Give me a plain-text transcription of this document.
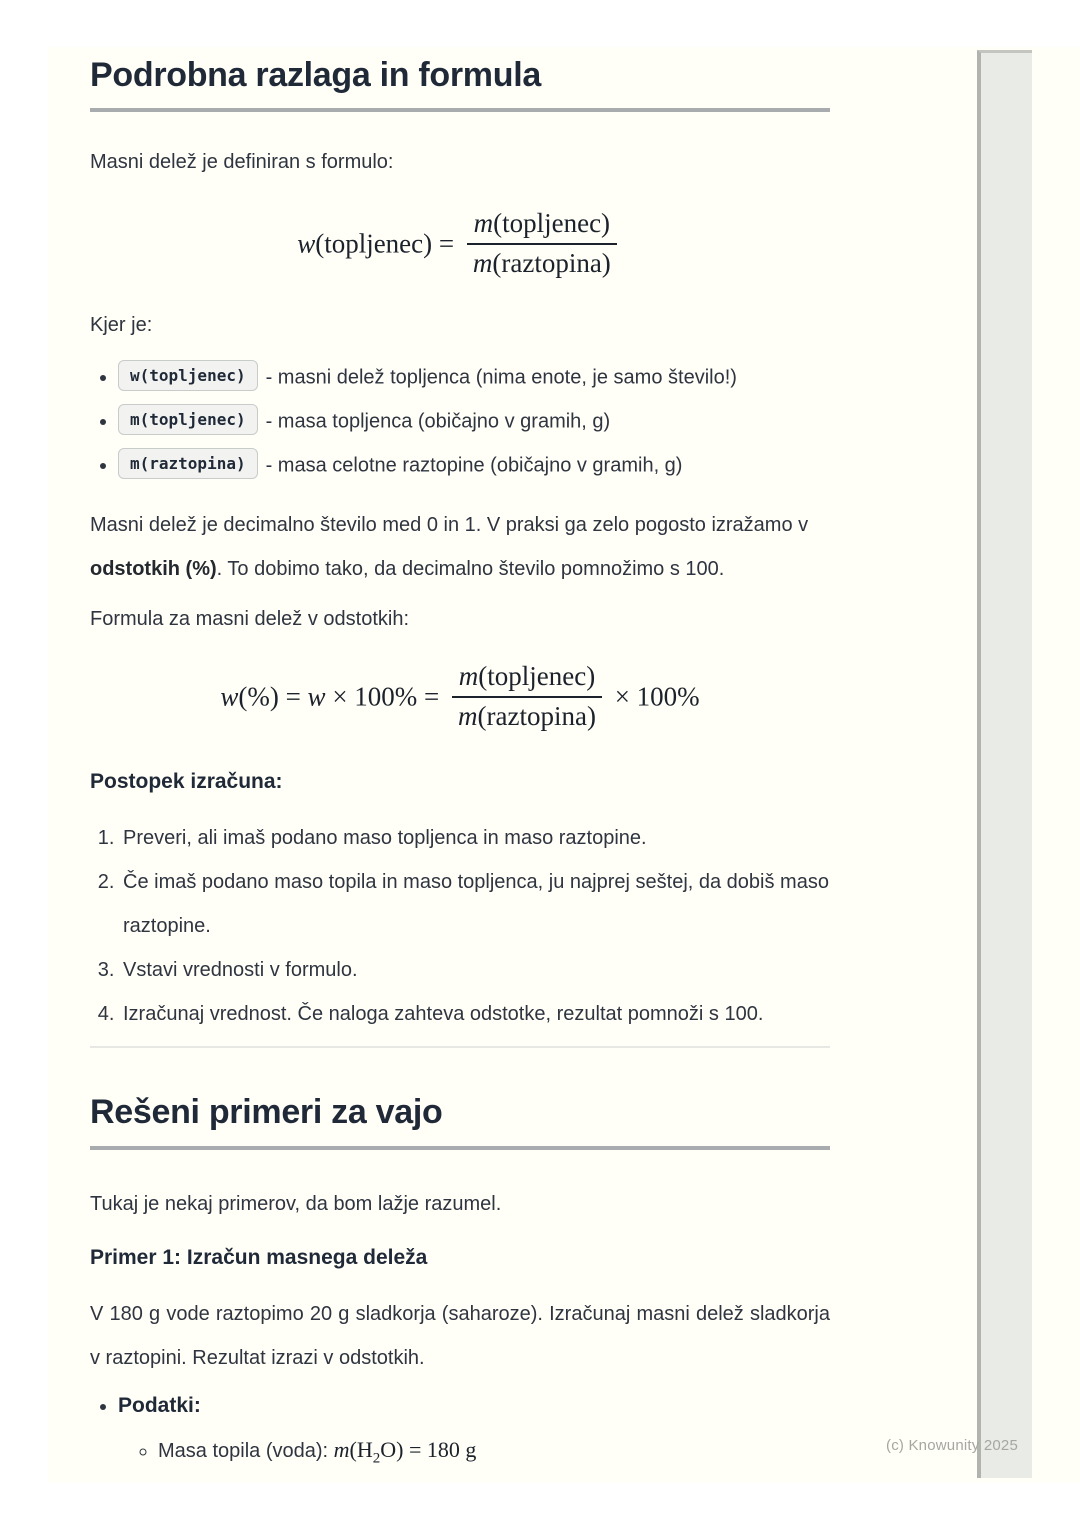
(c) Knowunity 2025
Podrobna razlaga in formula

Masni delež je definiran s formulo:

w(topljenec) = $\frac{\text{m(topljenec)}}{\text{m(raztopina)}}$

Kjer je:

• w(topljenec) - masni delež topljenca (nima enote, je samo število!)
• m(topljenec) - masa topljenca (običajno v gramih, g)
• m(raztopina) - masa celotne raztopine (običajno v gramih, g)

Masni delež je decimalno število med 0 in 1. V praksi ga zelo pogosto izražamo v odstotkih (%). To dobimo tako, da decimalno število pomnožimo s 100.

Formula za masni delež v odstotkih:

$w(\%) = w \times 100\% = \frac{\text{m(topljenec)}}{\text{m(raztopina)}} \times 100\%$

Postopek izračuna:

1. Preveri, ali imaš podano maso topljenca in maso raztopine.
2. Če imaš podano maso topila in maso topljenca, ju najprej seštej, da dobiš maso raztopine.
3. Vstavi vrednosti v formulo.
4. Izračunaj vrednost. Če naloga zahteva odstotke, rezultat pomnoži s 100.
Rešeni primeri za vajo

Tukaj je nekaj primerov, da bom lažje razumel.

Primer 1: Izračun masnega deleža

V 180 g vode raztopimo 20 g sladkorja (saharoze). Izračunaj masni delež sladkorja v raztopini. Rezultat izrazi v odstotkih.

• Podatki:
◦ Masa topila (voda): $m(H_2O) = 180$ g
